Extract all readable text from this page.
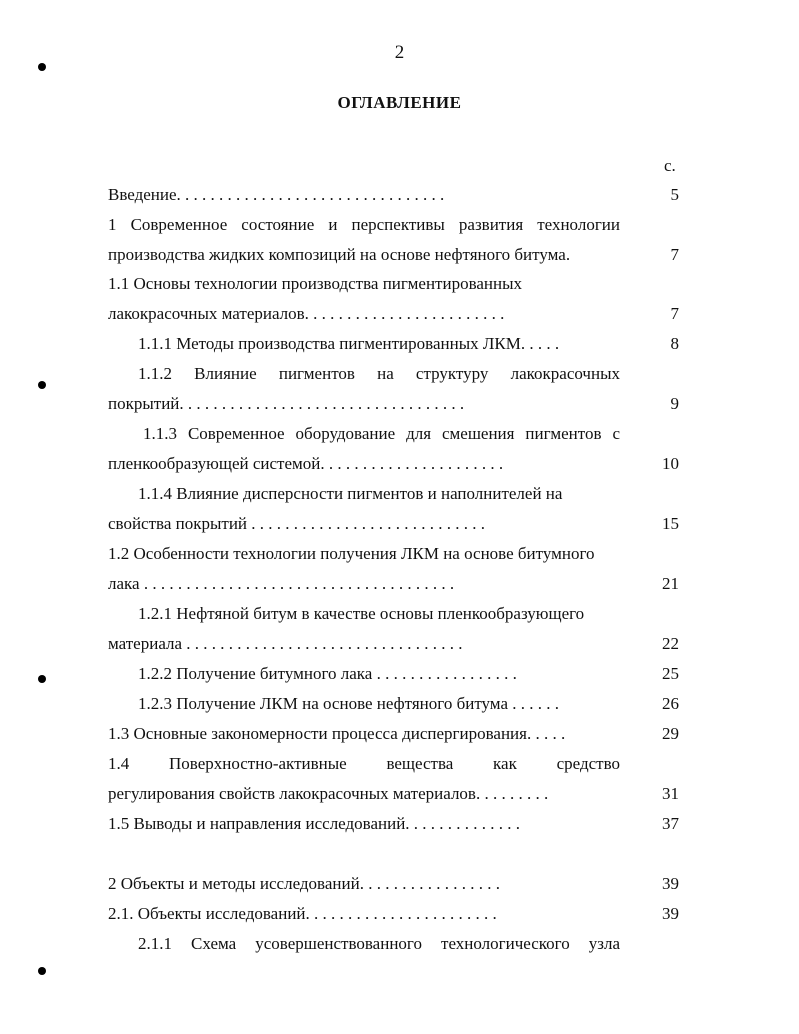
2
ОГЛАВЛЕНИЕ
с.
Введение. . . . . . . . . . . . . . . . . . . . . . . . . . . . . . . .	5
1 Современное состояние и перспективы развития технологии
производства жидких композиций на основе нефтяного битума.	7
1.1 Основы технологии производства пигментированных
лакокрасочных материалов. . . . . . . . . . . . . . . . . . . . . . . .	7
1.1.1 Методы производства пигментированных ЛКМ. . . . .	8
1.1.2 Влияние пигментов на структуру лакокрасочных
покрытий. . . . . . . . . . . . . . . . . . . . . . . . . . . . . . . . . .	9
1.1.3 Современное оборудование для смешения пигментов с
пленкообразующей системой. . . . . . . . . . . . . . . . . . . . . .	10
1.1.4 Влияние дисперсности пигментов и наполнителей на
свойства покрытий . . . . . . . . . . . . . . . . . . . . . . . . . . . .	15
1.2 Особенности технологии получения ЛКМ на основе битумного
лака . . . . . . . . . . . . . . . . . . . . . . . . . . . . . . . . . . . . .	21
1.2.1 Нефтяной битум в качестве основы пленкообразующего
материала . . . . . . . . . . . . . . . . . . . . . . . . . . . . . . . . .	22
1.2.2 Получение битумного лака . . . . . . . . . . . . . . . . .	25
1.2.3 Получение ЛКМ на основе нефтяного битума . . . . . .	26
1.3 Основные закономерности процесса диспергирования. . . . .	29
1.4 Поверхностно-активные вещества как средство
регулирования свойств лакокрасочных материалов. . . . . . . . .	31
1.5 Выводы и направления исследований. . . . . . . . . . . . . .	37
2 Объекты и методы исследований. . . . . . . . . . . . . . . . .	39
2.1. Объекты исследований. . . . . . . . . . . . . . . . . . . . . . .	39
2.1.1 Схема усовершенствованного технологического узла
